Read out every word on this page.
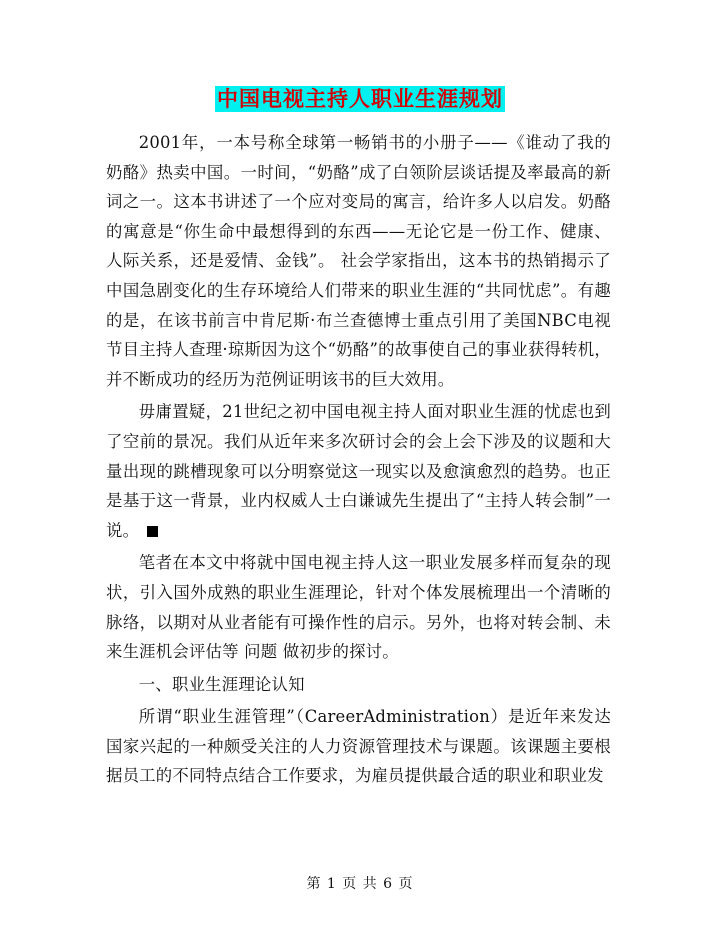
中国电视主持人职业生涯规划

2001年，一本号称全球第一畅销书的小册子——《谁动了我的奶酪》热卖中国。一时间，“奶酪”成了白领阶层谈话提及率最高的新词之一。这本书讲述了一个应对变局的寓言，给许多人以启发。奶酪的寓意是“你生命中最想得到的东西——无论它是一份工作、健康、人际关系，还是爱情、金钱”。 社会学家指出，这本书的热销揭示了中国急剧变化的生存环境给人们带来的职业生涯的“共同忧虑”。有趣的是，在该书前言中肯尼斯·布兰查德博士重点引用了美国NBC电视节目主持人查理·琼斯因为这个“奶酪”的故事使自己的事业获得转机，并不断成功的经历为范例证明该书的巨大效用。

毋庸置疑，21世纪之初中国电视主持人面对职业生涯的忧虑也到了空前的景况。我们从近年来多次研讨会的会上会下涉及的议题和大量出现的跳槽现象可以分明察觉这一现实以及愈演愈烈的趋势。也正是基于这一背景，业内权威人士白谦诚先生提出了“主持人转会制”一说。

笔者在本文中将就中国电视主持人这一职业发展多样而复杂的现状，引入国外成熟的职业生涯理论，针对个体发展梳理出一个清晰的脉络，以期对从业者能有可操作性的启示。另外，也将对转会制、未来生涯机会评估等 问题 做初步的探讨。

一、职业生涯理论认知

所谓“职业生涯管理”（CareerAdministration）是近年来发达国家兴起的一种颇受关注的人力资源管理技术与课题。该课题主要根据员工的不同特点结合工作要求，为雇员提供最合适的职业和职业发

第 1 页 共 6 页
